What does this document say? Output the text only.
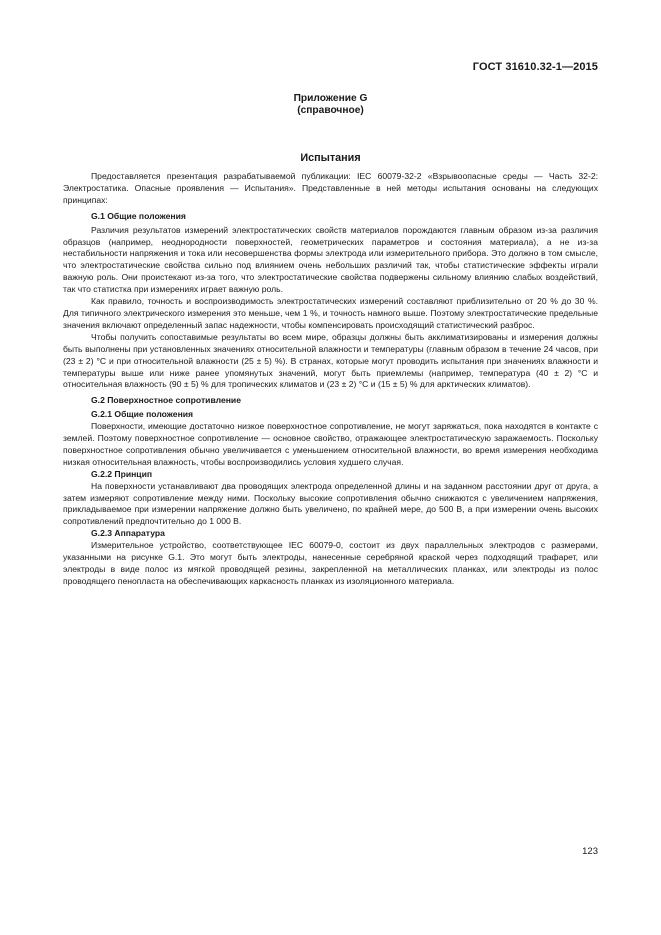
ГОСТ 31610.32-1—2015
Приложение G
(справочное)
Испытания

Предоставляется презентация разрабатываемой публикации: IEC 60079-32-2 «Взрывоопасные среды — Часть 32-2: Электростатика. Опасные проявления — Испытания». Представленные в ней методы испытания основаны на следующих принципах:

G.1 Общие положения

Различия результатов измерений электростатических свойств материалов порождаются главным образом из-за различия образцов (например, неоднородности поверхностей, геометрических параметров и состояния материала), а не из-за нестабильности напряжения и тока или несовершенства формы электрода или измерительного прибора. Это должно в том смысле, что электростатические свойства сильно под влиянием очень небольших различий так, чтобы статистические эффекты играли важную роль. Они проистекают из-за того, что электростатические свойства подвержены сильному влиянию слабых воздействий, так что статистка при измерениях играет важную роль.

Как правило, точность и воспроизводимость электростатических измерений составляют приблизительно от 20 % до 30 %. Для типичного электрического измерения это меньше, чем 1 %, и точность намного выше. Поэтому электростатические предельные значения включают определенный запас надежности, чтобы компенсировать происходящий статистический разброс.

Чтобы получить сопоставимые результаты во всем мире, образцы должны быть акклиматизированы и измерения должны быть выполнены при установленных значениях относительной влажности и температуры (главным образом в течение 24 часов, при (23 ± 2) °С и при относительной влажности (25 ± 5) %). В странах, которые могут проводить испытания при значениях влажности и температуры выше или ниже ранее упомянутых значений, могут быть приемлемы (например, температура (40 ± 2) °С и относительная влажность (90 ± 5) % для тропических климатов и (23 ± 2) °С и (15 ± 5) % для арктических климатов).

G.2 Поверхностное сопротивление
G.2.1 Общие положения

Поверхности, имеющие достаточно низкое поверхностное сопротивление, не могут заряжаться, пока находятся в контакте с землей. Поэтому поверхностное сопротивление — основное свойство, отражающее электростатическую заражаемость. Поскольку поверхностное сопротивления обычно увеличивается с уменьшением относительной влажности, во время измерения необходима низкая относительная влажность, чтобы воспроизводились условия худшего случая.

G.2.2 Принцип

На поверхности устанавливают два проводящих электрода определенной длины и на заданном расстоянии друг от друга, а затем измеряют сопротивление между ними. Поскольку высокие сопротивления обычно снижаются с увеличением напряжения, прикладываемое при измерении напряжение должно быть увеличено, по крайней мере, до 500 В, а при измерении очень высоких сопротивлений предпочтительно до 1 000 В.

G.2.3 Аппаратура

Измерительное устройство, соответствующее IEC 60079-0, состоит из двух параллельных электродов с размерами, указанными на рисунке G.1. Это могут быть электроды, нанесенные серебряной краской через подходящий трафарет, или электроды в виде полос из мягкой проводящей резины, закрепленной на металлических планках, или электроды из полос проводящего пенопласта на обеспечивающих каркасность планках из изоляционного материала.

123
